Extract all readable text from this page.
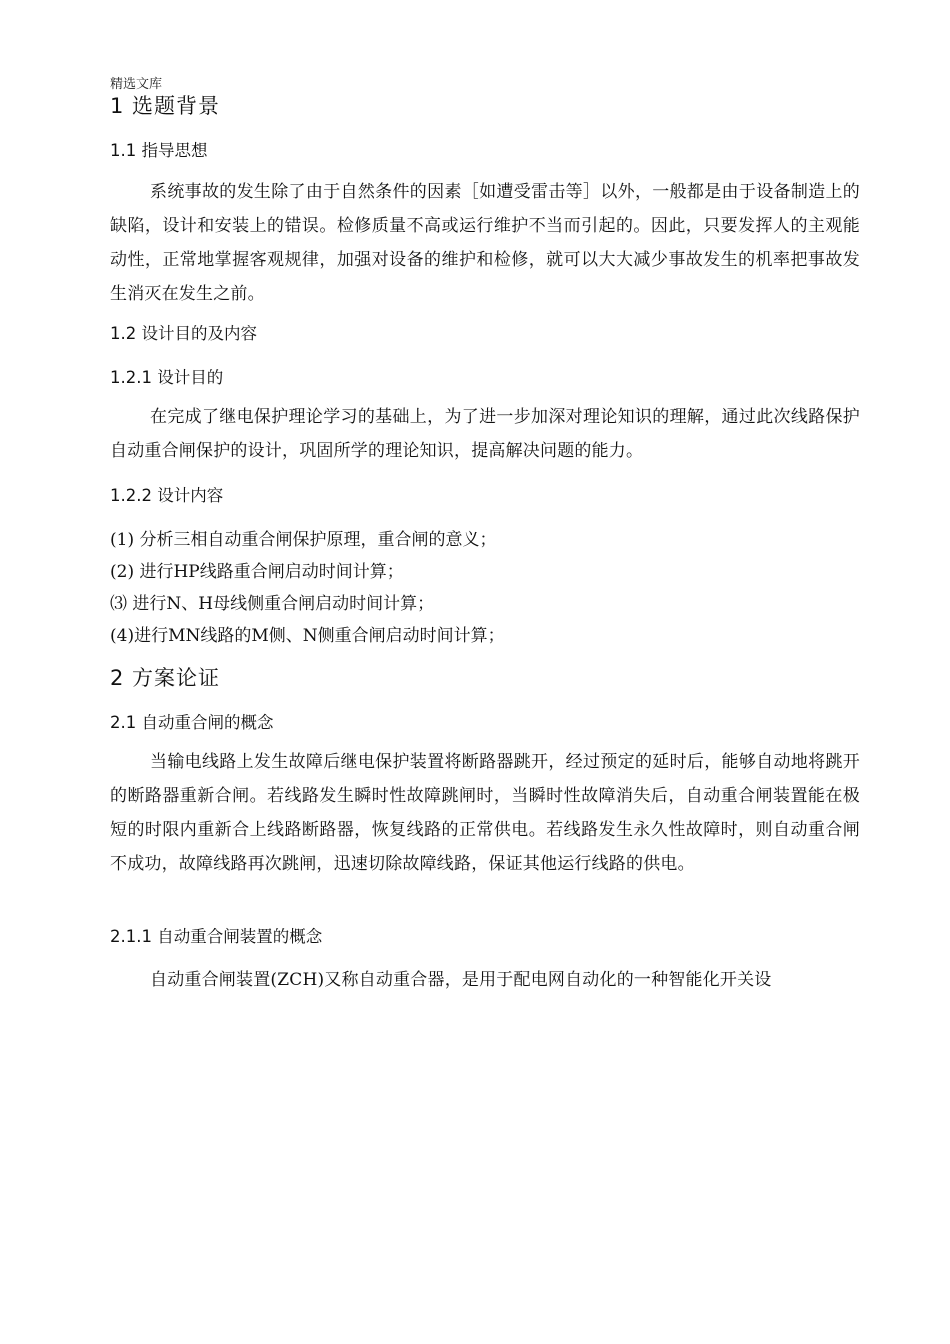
精选文库
1 选题背景
1.1 指导思想
系统事故的发生除了由于自然条件的因素［如遭受雷击等］以外，一般都是由于设备制造上的缺陷，设计和安装上的错误。检修质量不高或运行维护不当而引起的。因此，只要发挥人的主观能动性，正常地掌握客观规律，加强对设备的维护和检修，就可以大大减少事故发生的机率把事故发生消灭在发生之前。
1.2 设计目的及内容
1.2.1 设计目的
在完成了继电保护理论学习的基础上，为了进一步加深对理论知识的理解，通过此次线路保护自动重合闸保护的设计，巩固所学的理论知识，提高解决问题的能力。
1.2.2 设计内容
(1) 分析三相自动重合闸保护原理，重合闸的意义；
(2) 进行HP线路重合闸启动时间计算；
⑶ 进行N、H母线侧重合闸启动时间计算；
(4)进行MN线路的M侧、N侧重合闸启动时间计算；
2 方案论证
2.1 自动重合闸的概念
当输电线路上发生故障后继电保护装置将断路器跳开，经过预定的延时后，能够自动地将跳开的断路器重新合闸。若线路发生瞬时性故障跳闸时，当瞬时性故障消失后，自动重合闸装置能在极短的时限内重新合上线路断路器，恢复线路的正常供电。若线路发生永久性故障时，则自动重合闸不成功，故障线路再次跳闸，迅速切除故障线路，保证其他运行线路的供电。
2.1.1 自动重合闸装置的概念
自动重合闸装置(ZCH)又称自动重合器，是用于配电网自动化的一种智能化开关设
